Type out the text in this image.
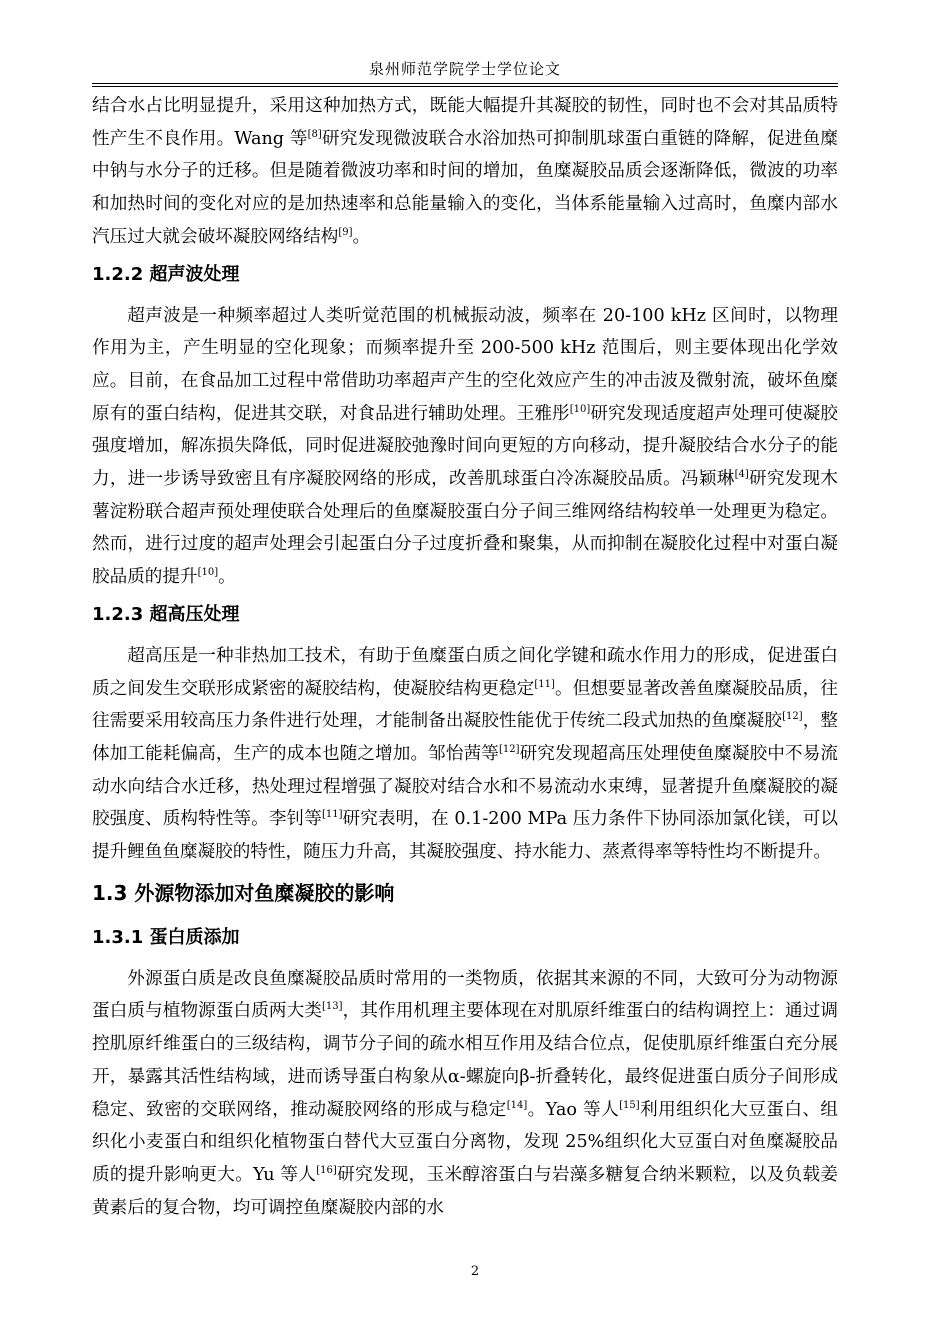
泉州师范学院学士学位论文

结合水占比明显提升，采用这种加热方式，既能大幅提升其凝胶的韧性，同时也不会对其品质特性产生不良作用。Wang 等[8]研究发现微波联合水浴加热可抑制肌球蛋白重链的降解，促进鱼糜中钠与水分子的迁移。但是随着微波功率和时间的增加，鱼糜凝胶品质会逐渐降低，微波的功率和加热时间的变化对应的是加热速率和总能量输入的变化，当体系能量输入过高时，鱼糜内部水汽压过大就会破坏凝胶网络结构[9]。

1.2.2 超声波处理

超声波是一种频率超过人类听觉范围的机械振动波，频率在 20-100 kHz 区间时，以物理作用为主，产生明显的空化现象；而频率提升至 200-500 kHz 范围后，则主要体现出化学效应。目前，在食品加工过程中常借助功率超声产生的空化效应产生的冲击波及微射流，破坏鱼糜原有的蛋白结构，促进其交联，对食品进行辅助处理。王雅彤[10]研究发现适度超声处理可使凝胶强度增加，解冻损失降低，同时促进凝胶弛豫时间向更短的方向移动，提升凝胶结合水分子的能力，进一步诱导致密且有序凝胶网络的形成，改善肌球蛋白冷冻凝胶品质。冯颖琳[4]研究发现木薯淀粉联合超声预处理使联合处理后的鱼糜凝胶蛋白分子间三维网络结构较单一处理更为稳定。然而，进行过度的超声处理会引起蛋白分子过度折叠和聚集，从而抑制在凝胶化过程中对蛋白凝胶品质的提升[10]。

1.2.3 超高压处理

超高压是一种非热加工技术，有助于鱼糜蛋白质之间化学键和疏水作用力的形成，促进蛋白质之间发生交联形成紧密的凝胶结构，使凝胶结构更稳定[11]。但想要显著改善鱼糜凝胶品质，往往需要采用较高压力条件进行处理，才能制备出凝胶性能优于传统二段式加热的鱼糜凝胶[12]，整体加工能耗偏高，生产的成本也随之增加。邹怡茜等[12]研究发现超高压处理使鱼糜凝胶中不易流动水向结合水迁移，热处理过程增强了凝胶对结合水和不易流动水束缚，显著提升鱼糜凝胶的凝胶强度、质构特性等。李钊等[11]研究表明，在 0.1-200 MPa 压力条件下协同添加氯化镁，可以提升鲤鱼鱼糜凝胶的特性，随压力升高，其凝胶强度、持水能力、蒸煮得率等特性均不断提升。

1.3 外源物添加对鱼糜凝胶的影响
1.3.1 蛋白质添加

外源蛋白质是改良鱼糜凝胶品质时常用的一类物质，依据其来源的不同，大致可分为动物源蛋白质与植物源蛋白质两大类[13]，其作用机理主要体现在对肌原纤维蛋白的结构调控上：通过调控肌原纤维蛋白的三级结构，调节分子间的疏水相互作用及结合位点，促使肌原纤维蛋白充分展开，暴露其活性结构域，进而诱导蛋白构象从α-螺旋向β-折叠转化，最终促进蛋白质分子间形成稳定、致密的交联网络，推动凝胶网络的形成与稳定[14]。Yao 等人[15]利用组织化大豆蛋白、组织化小麦蛋白和组织化植物蛋白替代大豆蛋白分离物，发现 25%组织化大豆蛋白对鱼糜凝胶品质的提升影响更大。Yu 等人[16]研究发现，玉米醇溶蛋白与岩藻多糖复合纳米颗粒，以及负载姜黄素后的复合物，均可调控鱼糜凝胶内部的水

2
